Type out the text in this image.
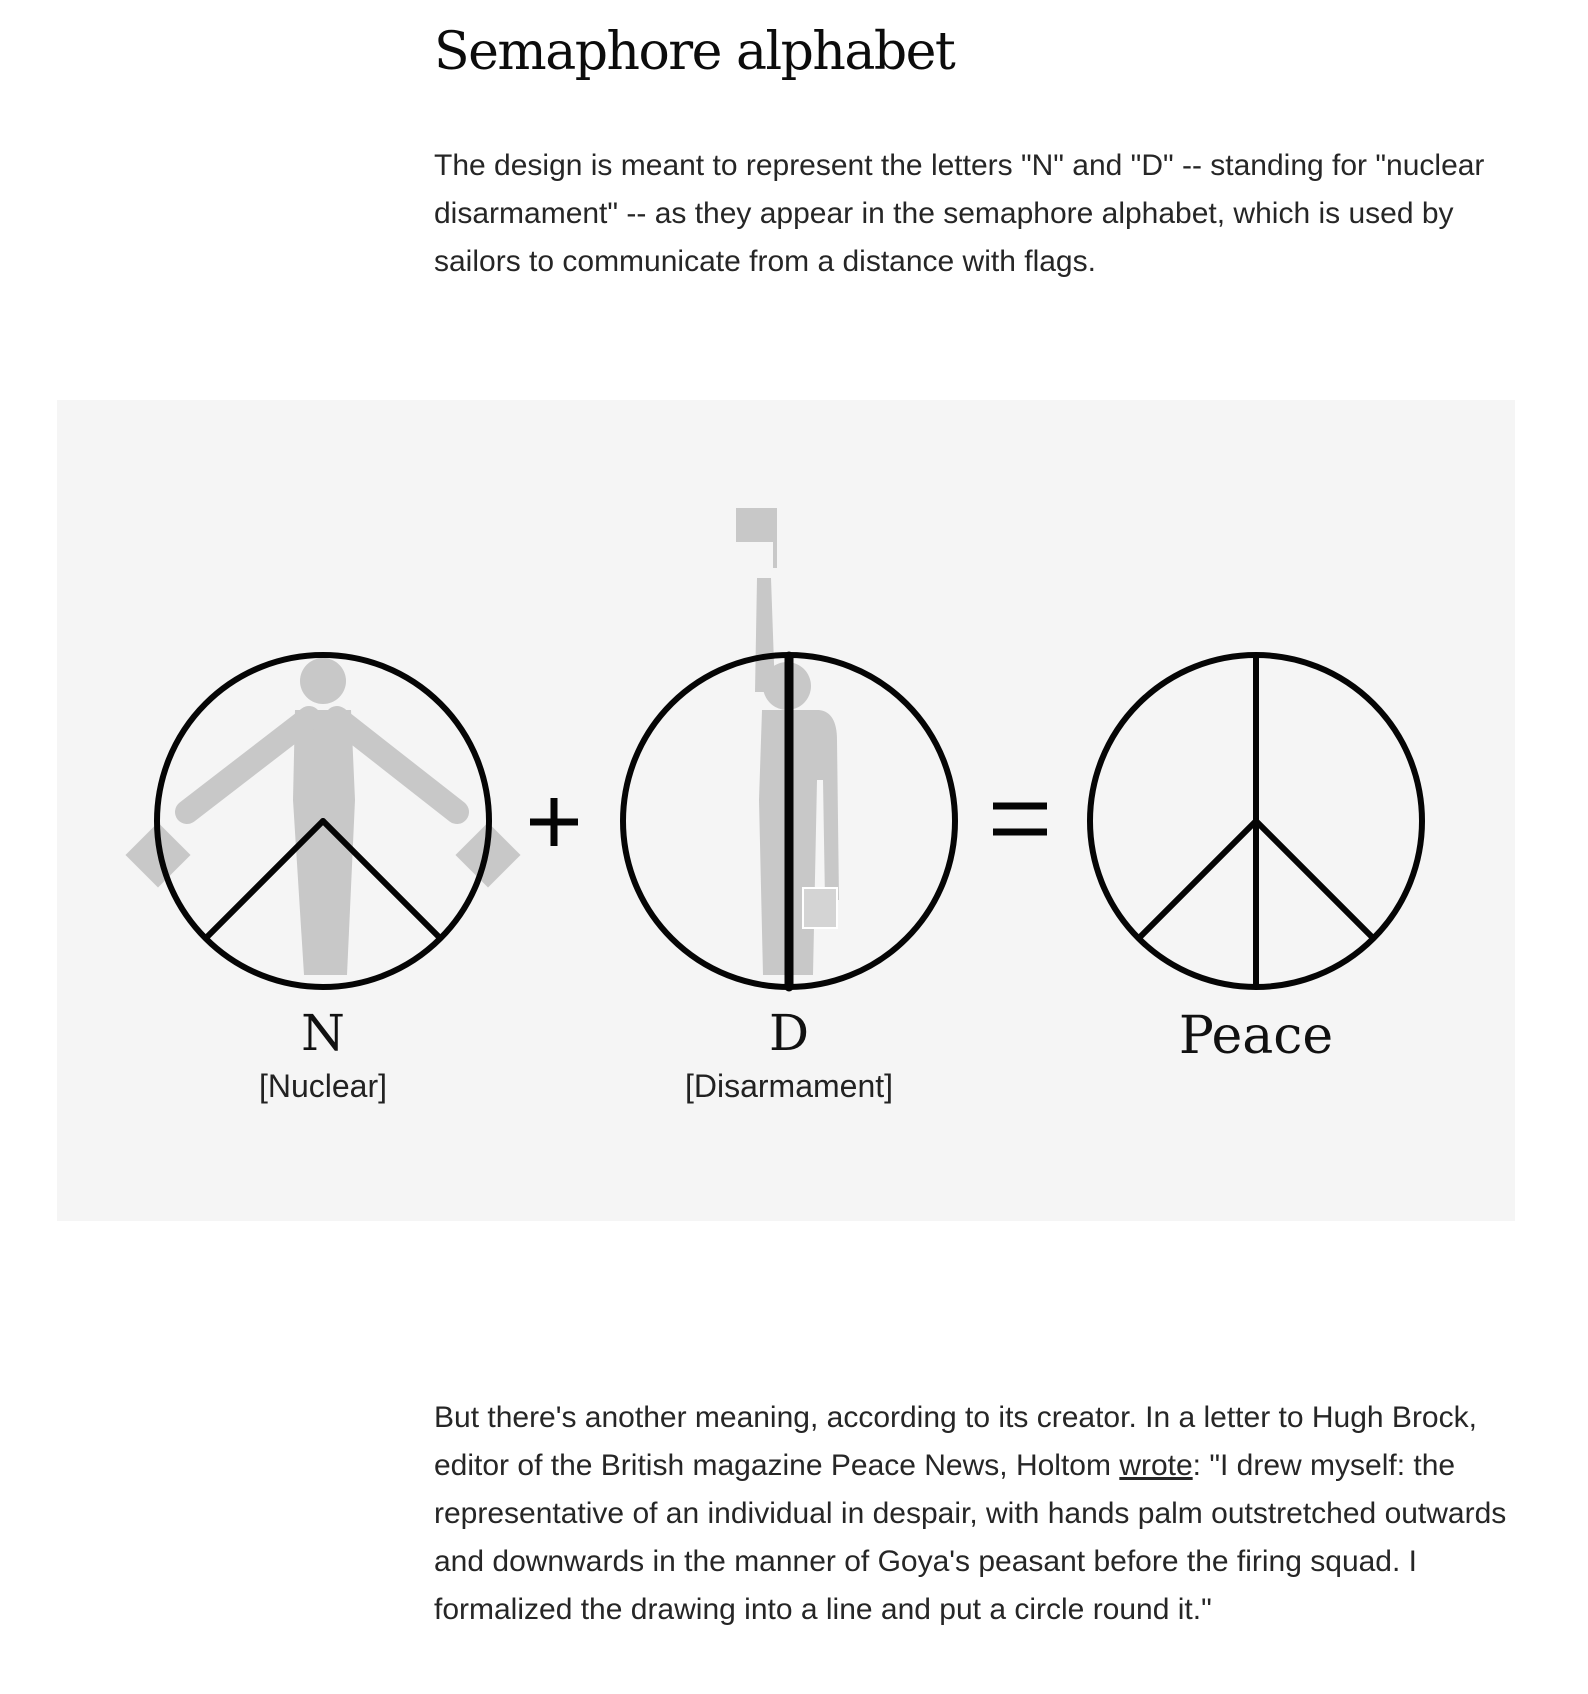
Semaphore alphabet

The design is meant to represent the letters "N" and "D" -- standing for "nuclear disarmament" -- as they appear in the semaphore alphabet, which is used by sailors to communicate from a distance with flags.

N
[Nuclear]
D
[Disarmament]
Peace

But there's another meaning, according to its creator. In a letter to Hugh Brock, editor of the British magazine Peace News, Holtom wrote: "I drew myself: the representative of an individual in despair, with hands palm outstretched outwards and downwards in the manner of Goya's peasant before the firing squad. I formalized the drawing into a line and put a circle round it."
